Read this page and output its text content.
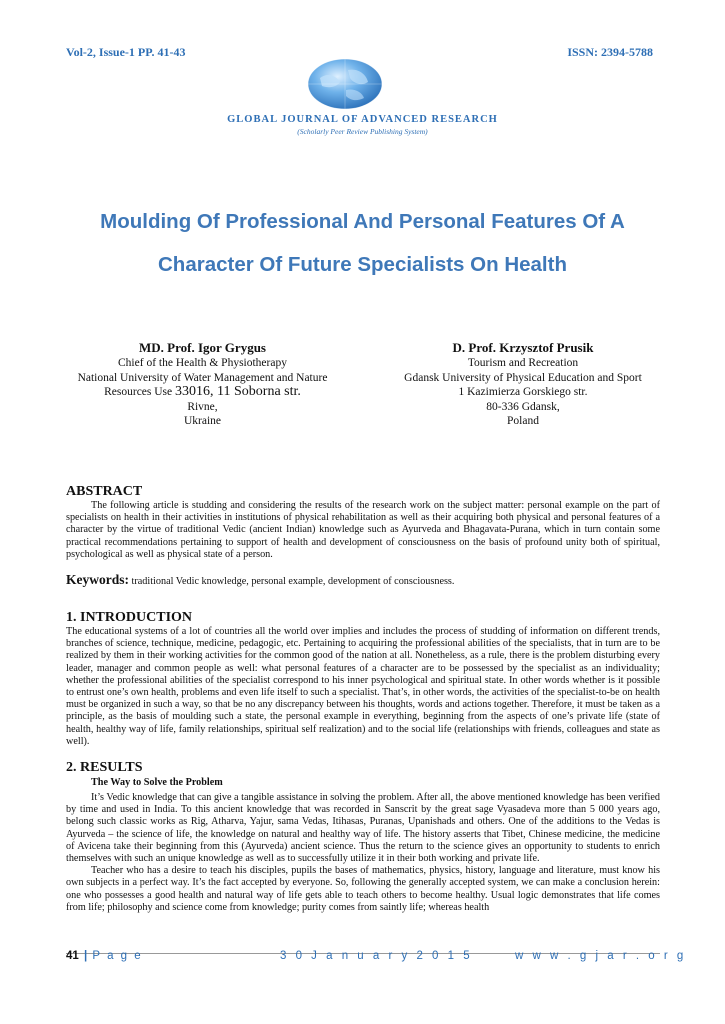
Vol-2, Issue-1 PP. 41-43	ISSN: 2394-5788
GLOBAL JOURNAL OF ADVANCED RESEARCH
(Scholarly Peer Review Publishing System)
Moulding Of Professional And Personal Features Of A
Character Of Future Specialists On Health
MD. Prof. Igor Grygus
Chief of the Health & Physiotherapy
National University of Water Management and Nature
Resources Use 33016, 11 Soborna str.
Rivne,
Ukraine
D. Prof. Krzysztof Prusik
Tourism and Recreation
Gdansk University of Physical Education and Sport
1 Kazimierza Gorskiego str.
80-336 Gdansk,
Poland
ABSTRACT

The following article is studding and considering the results of the research work on the subject matter: personal example on the part of specialists on health in their activities in institutions of physical rehabilitation as well as their acquiring both physical and personal features of a character by the virtue of traditional Vedic (ancient Indian) knowledge such as Ayurveda and Bhagavata-Purana, which in turn contain some practical recommendations pertaining to support of health and development of consciousness on the basis of profound unity both of spiritual, psychological as well as physical state of a person.

Keywords: traditional Vedic knowledge, personal example, development of consciousness.
1. INTRODUCTION

The educational systems of a lot of countries all the world over implies and includes the process of studding of information on different trends, branches of science, technique, medicine, pedagogic, etc. Pertaining to acquiring the professional abilities of the specialists, that in turn are to be realized by them in their working activities for the common good of the nation at all. Nonetheless, as a rule, there is the problem disturbing every leader, manager and common people as well: what personal features of a character are to be possessed by the specialist as an individuality; whether the professional abilities of the specialist correspond to his inner psychological and spiritual state. In other words whether is it possible to entrust one’s own health, problems and even life itself to such a specialist. That’s, in other words, the activities of the specialist-to-be on health must be organized in such a way, so that be no any discrepancy between his thoughts, words and actions together. Therefore, it must be taken as a principle, as the basis of moulding such a state, the personal example in everything, beginning from the aspects of one’s private life (state of health, healthy way of life, family relationships, spiritual self realization) and to the social life (relationships with friends, colleagues and state as well).

2. RESULTS
The Way to Solve the Problem

It’s Vedic knowledge that can give a tangible assistance in solving the problem. After all, the above mentioned knowledge has been verified by time and used in India. To this ancient knowledge that was recorded in Sanscrit by the great sage Vyasadeva more than 5 000 years ago, belong such classic works as Rig, Atharva, Yajur, sama Vedas, Itihasas, Puranas, Upanishads and others. One of the additions to the Vedas is Ayurveda – the science of life, the knowledge on natural and healthy way of life. The history asserts that Tibet, Chinese medicine, the medicine of Avicena take their beginning from this (Ayurveda) ancient science. Thus the return to the science gives an opportunity to students to enrich themselves with such an unique knowledge as well as to successfully utilize it in their both working and private life.

Teacher who has a desire to teach his disciples, pupils the bases of mathematics, physics, history, language and literature, must know his own subjects in a perfect way. It’s the fact accepted by everyone. So, following the generally accepted system, we can make a conclusion herein: one who possesses a good health and natural way of life gets able to teach others to become healthy. Usual logic demonstrates that life comes from life; philosophy and science come from knowledge; purity comes from saintly life; whereas health

41 | P a g e	3 0 J a n u a r y 2 0 1 5	w w w . g j a r . o r g
